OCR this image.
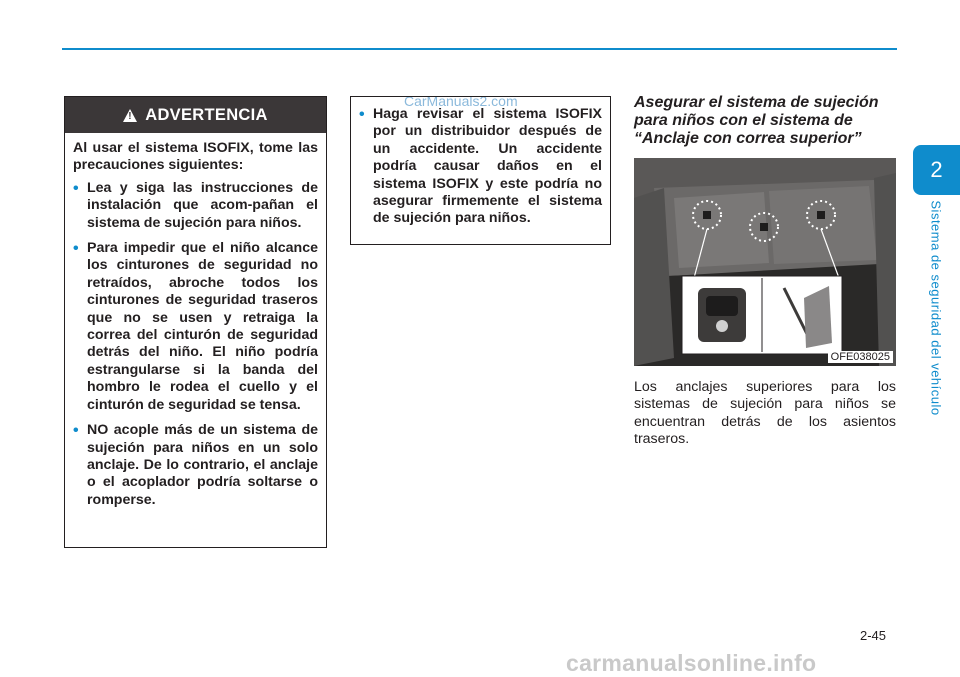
2
Sistema de seguridad del vehículo
CarManuals2.com
! ADVERTENCIA

Al usar el sistema ISOFIX, tome las precauciones siguientes:

• Lea y siga las instrucciones de instalación que acom-pañan el sistema de sujeción para niños.
• Para impedir que el niño alcance los cinturones de seguridad no retraídos, abroche todos los cinturones de seguridad traseros que no se usen y retraiga la correa del cinturón de seguridad detrás del niño. El niño podría estrangularse si la banda del hombro le rodea el cuello y el cinturón de seguridad se tensa.
• NO acople más de un sistema de sujeción para niños en un solo anclaje. De lo contrario, el anclaje o el acoplador podría soltarse o romperse.
• Haga revisar el sistema ISOFIX por un distribuidor después de un accidente. Un accidente podría causar daños en el sistema ISOFIX y este podría no asegurar firmemente el sistema de sujeción para niños.
Asegurar el sistema de sujeción para niños con el sistema de “Anclaje con correa superior”
OFE038025
Los anclajes superiores para los sistemas de sujeción para niños se encuentran detrás de los asientos traseros.
2-45
carmanualsonline.info
